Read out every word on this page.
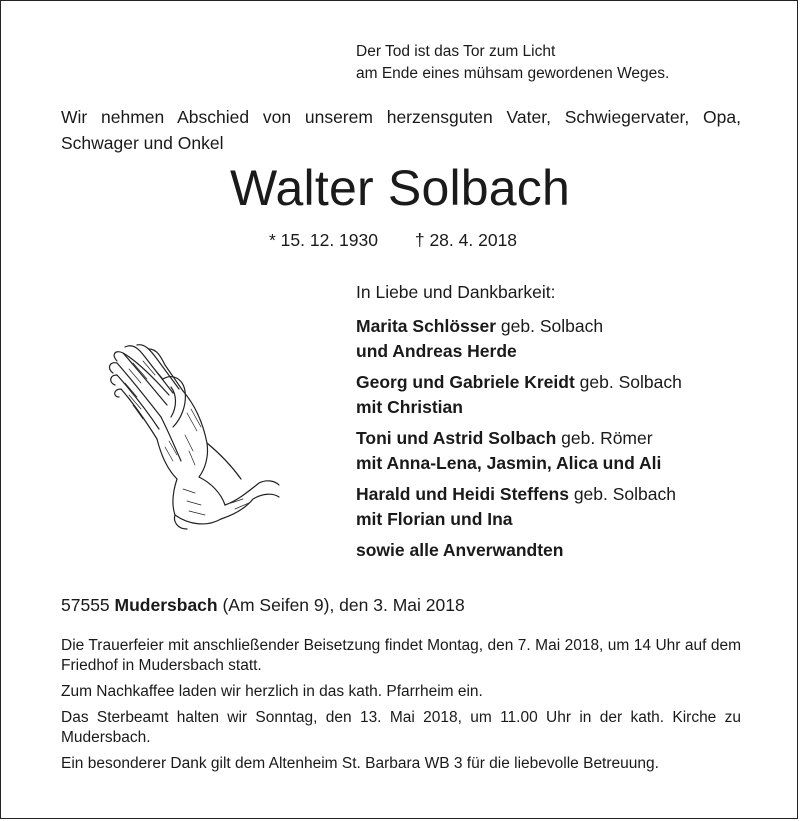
Der Tod ist das Tor zum Licht
am Ende eines mühsam gewordenen Weges.
Wir nehmen Abschied von unserem herzensguten Vater, Schwiegervater, Opa, Schwager und Onkel
Walter Solbach
* 15. 12. 1930 † 28. 4. 2018
In Liebe und Dankbarkeit:
Marita Schlösser geb. Solbach
und Andreas Herde
Georg und Gabriele Kreidt geb. Solbach
mit Christian
Toni und Astrid Solbach geb. Römer
mit Anna-Lena, Jasmin, Alica und Ali
Harald und Heidi Steffens geb. Solbach
mit Florian und Ina
sowie alle Anverwandten
57555 Mudersbach (Am Seifen 9), den 3. Mai 2018

Die Trauerfeier mit anschließender Beisetzung findet Montag, den 7. Mai 2018, um 14 Uhr auf dem Friedhof in Mudersbach statt.

Zum Nachkaffee laden wir herzlich in das kath. Pfarrheim ein.

Das Sterbeamt halten wir Sonntag, den 13. Mai 2018, um 11.00 Uhr in der kath. Kirche zu Mudersbach.

Ein besonderer Dank gilt dem Altenheim St. Barbara WB 3 für die liebevolle Betreuung.
